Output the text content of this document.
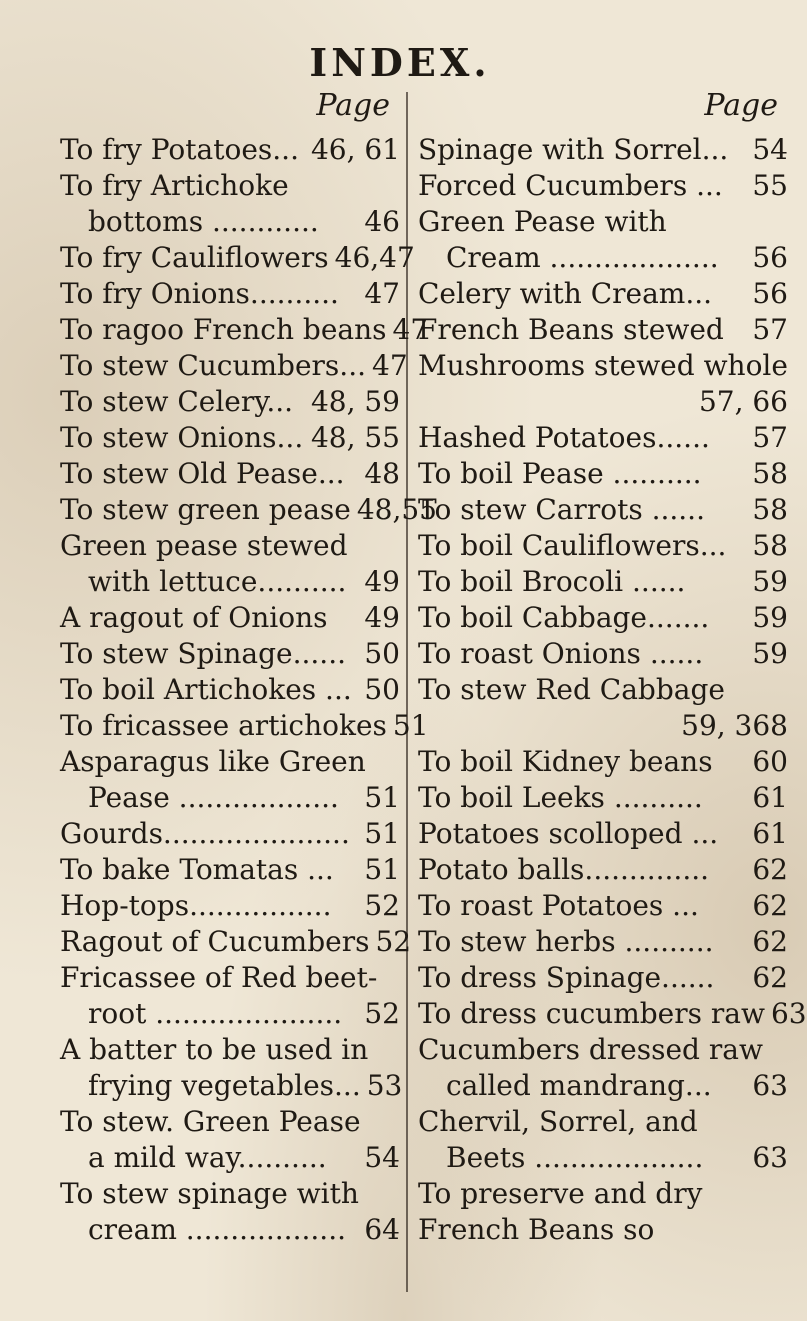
INDEX.
Page
To fry Potatoes... 46, 61
To fry Artichoke
bottoms ............ 46
To fry Cauliflowers 46,47
To fry Onions.......... 47
To ragoo French beans 47
To stew Cucumbers... 47
To stew Celery... 48, 59
To stew Onions... 48, 55
To stew Old Pease... 48
To stew green pease 48,55
Green pease stewed
with lettuce.......... 49
A ragout of Onions 49
To stew Spinage...... 50
To boil Artichokes ... 50
To fricassee artichokes 51
Asparagus like Green
Pease .................. 51
Gourds..................... 51
To bake Tomatas ... 51
Hop-tops................ 52
Ragout of Cucumbers 52
Fricassee of Red beet-
root ..................... 52
A batter to be used in
frying vegetables... 53
To stew. Green Pease
a mild way.......... 54
To stew spinage with
cream .................. 64
Page
Spinage with Sorrel... 54
Forced Cucumbers ... 55
Green Pease with
Cream ................... 56
Celery with Cream... 56
French Beans stewed 57
Mushrooms stewed whole
57, 66
Hashed Potatoes...... 57
To boil Pease .......... 58
To stew Carrots ...... 58
To boil Cauliflowers... 58
To boil Brocoli ...... 59
To boil Cabbage....... 59
To roast Onions ...... 59
To stew Red Cabbage
59, 368
To boil Kidney beans 60
To boil Leeks .......... 61
Potatoes scolloped ... 61
Potato balls.............. 62
To roast Potatoes ... 62
To stew herbs .......... 62
To dress Spinage...... 62
To dress cucumbers raw 63
Cucumbers dressed raw
called mandrang... 63
Chervil, Sorrel, and
Beets ................... 63
To preserve and dry
French Beans so
